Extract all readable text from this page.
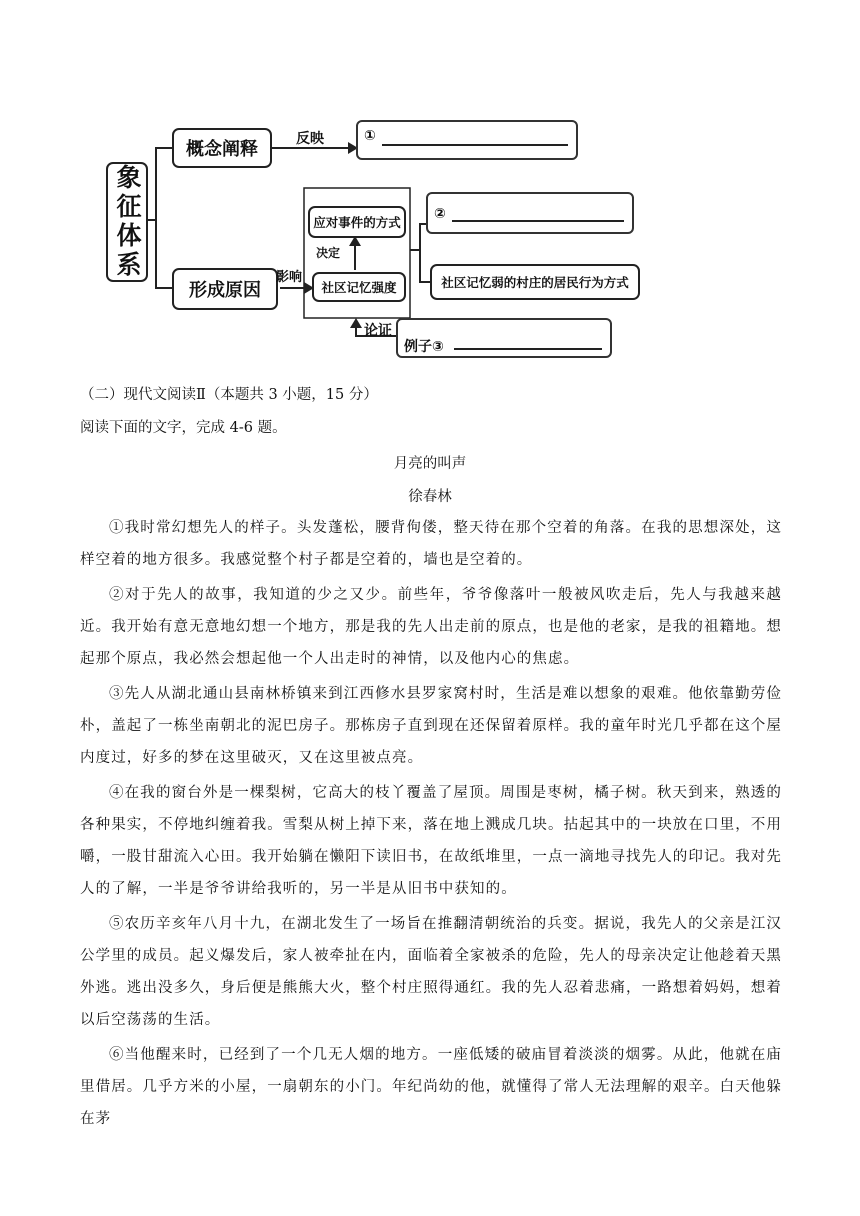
象征体系
概念阐释
形成原因
反映
影响
决定
论证
①
应对事件的方式
社区记忆强度
②
社区记忆弱的村庄的居民行为方式
例子③
（二）现代文阅读Ⅱ（本题共 3 小题，15 分）
阅读下面的文字，完成 4-6 题。
月亮的叫声
徐春林

①我时常幻想先人的样子。头发蓬松，腰背佝偻，整天待在那个空着的角落。在我的思想深处，这样空着的地方很多。我感觉整个村子都是空着的，墙也是空着的。

②对于先人的故事，我知道的少之又少。前些年，爷爷像落叶一般被风吹走后，先人与我越来越近。我开始有意无意地幻想一个地方，那是我的先人出走前的原点，也是他的老家，是我的祖籍地。想起那个原点，我必然会想起他一个人出走时的神情，以及他内心的焦虑。

③先人从湖北通山县南林桥镇来到江西修水县罗家窝村时，生活是难以想象的艰难。他依靠勤劳俭朴，盖起了一栋坐南朝北的泥巴房子。那栋房子直到现在还保留着原样。我的童年时光几乎都在这个屋内度过，好多的梦在这里破灭，又在这里被点亮。

④在我的窗台外是一棵梨树，它高大的枝丫覆盖了屋顶。周围是枣树，橘子树。秋天到来，熟透的各种果实，不停地纠缠着我。雪梨从树上掉下来，落在地上溅成几块。拈起其中的一块放在口里，不用嚼，一股甘甜流入心田。我开始躺在懒阳下读旧书，在故纸堆里，一点一滴地寻找先人的印记。我对先人的了解，一半是爷爷讲给我听的，另一半是从旧书中获知的。

⑤农历辛亥年八月十九，在湖北发生了一场旨在推翻清朝统治的兵变。据说，我先人的父亲是江汉公学里的成员。起义爆发后，家人被牵扯在内，面临着全家被杀的危险，先人的母亲决定让他趁着天黑外逃。逃出没多久，身后便是熊熊大火，整个村庄照得通红。我的先人忍着悲痛，一路想着妈妈，想着以后空荡荡的生活。

⑥当他醒来时，已经到了一个几无人烟的地方。一座低矮的破庙冒着淡淡的烟雾。从此，他就在庙里借居。几乎方米的小屋，一扇朝东的小门。年纪尚幼的他，就懂得了常人无法理解的艰辛。白天他躲在茅
